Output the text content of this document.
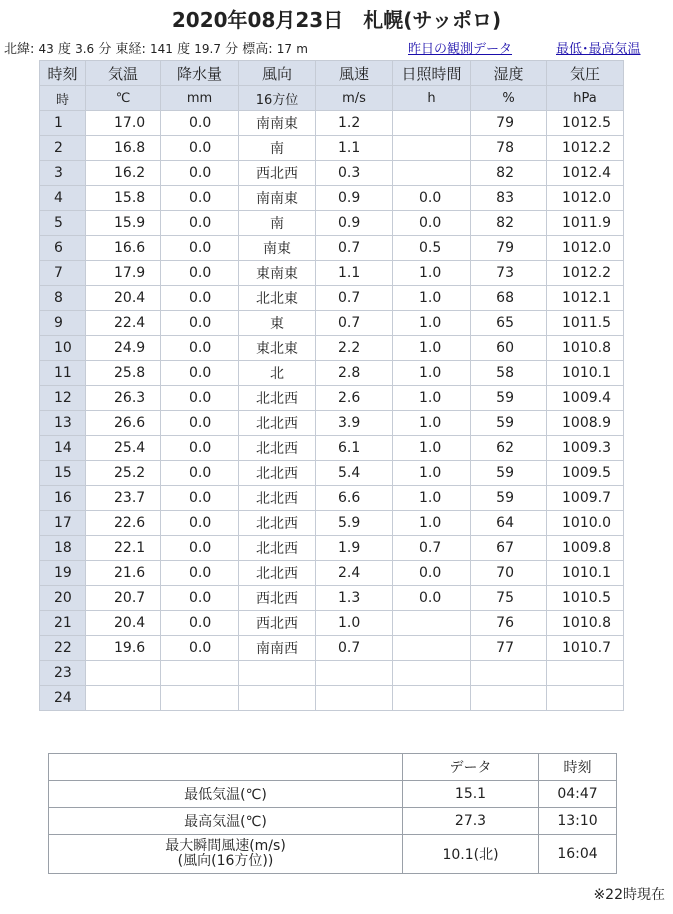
2020年08月23日　札幌(サッポロ)
北緯: 43 度 3.6 分 東経: 141 度 19.7 分 標高: 17 m	昨日の観測データ	最低･最高気温
時刻	気温	降水量	風向	風速	日照時間	湿度	気圧
時	℃	mm	16方位	m/s	h	%	hPa
1	17.0	0.0	南南東	1.2		79	1012.5
2	16.8	0.0	南	1.1		78	1012.2
3	16.2	0.0	西北西	0.3		82	1012.4
4	15.8	0.0	南南東	0.9	0.0	83	1012.0
5	15.9	0.0	南	0.9	0.0	82	1011.9
6	16.6	0.0	南東	0.7	0.5	79	1012.0
7	17.9	0.0	東南東	1.1	1.0	73	1012.2
8	20.4	0.0	北北東	0.7	1.0	68	1012.1
9	22.4	0.0	東	0.7	1.0	65	1011.5
10	24.9	0.0	東北東	2.2	1.0	60	1010.8
11	25.8	0.0	北	2.8	1.0	58	1010.1
12	26.3	0.0	北北西	2.6	1.0	59	1009.4
13	26.6	0.0	北北西	3.9	1.0	59	1008.9
14	25.4	0.0	北北西	6.1	1.0	62	1009.3
15	25.2	0.0	北北西	5.4	1.0	59	1009.5
16	23.7	0.0	北北西	6.6	1.0	59	1009.7
17	22.6	0.0	北北西	5.9	1.0	64	1010.0
18	22.1	0.0	北北西	1.9	0.7	67	1009.8
19	21.6	0.0	北北西	2.4	0.0	70	1010.1
20	20.7	0.0	西北西	1.3	0.0	75	1010.5
21	20.4	0.0	西北西	1.0		76	1010.8
22	19.6	0.0	南南西	0.7		77	1010.7
23							
24							
	データ	時刻

最低気温(℃)	15.1	04:47

最高気温(℃)	27.3	13:10

最大瞬間風速(m/s)
(風向(16方位))	10.1(北)	16:04
※22時現在
